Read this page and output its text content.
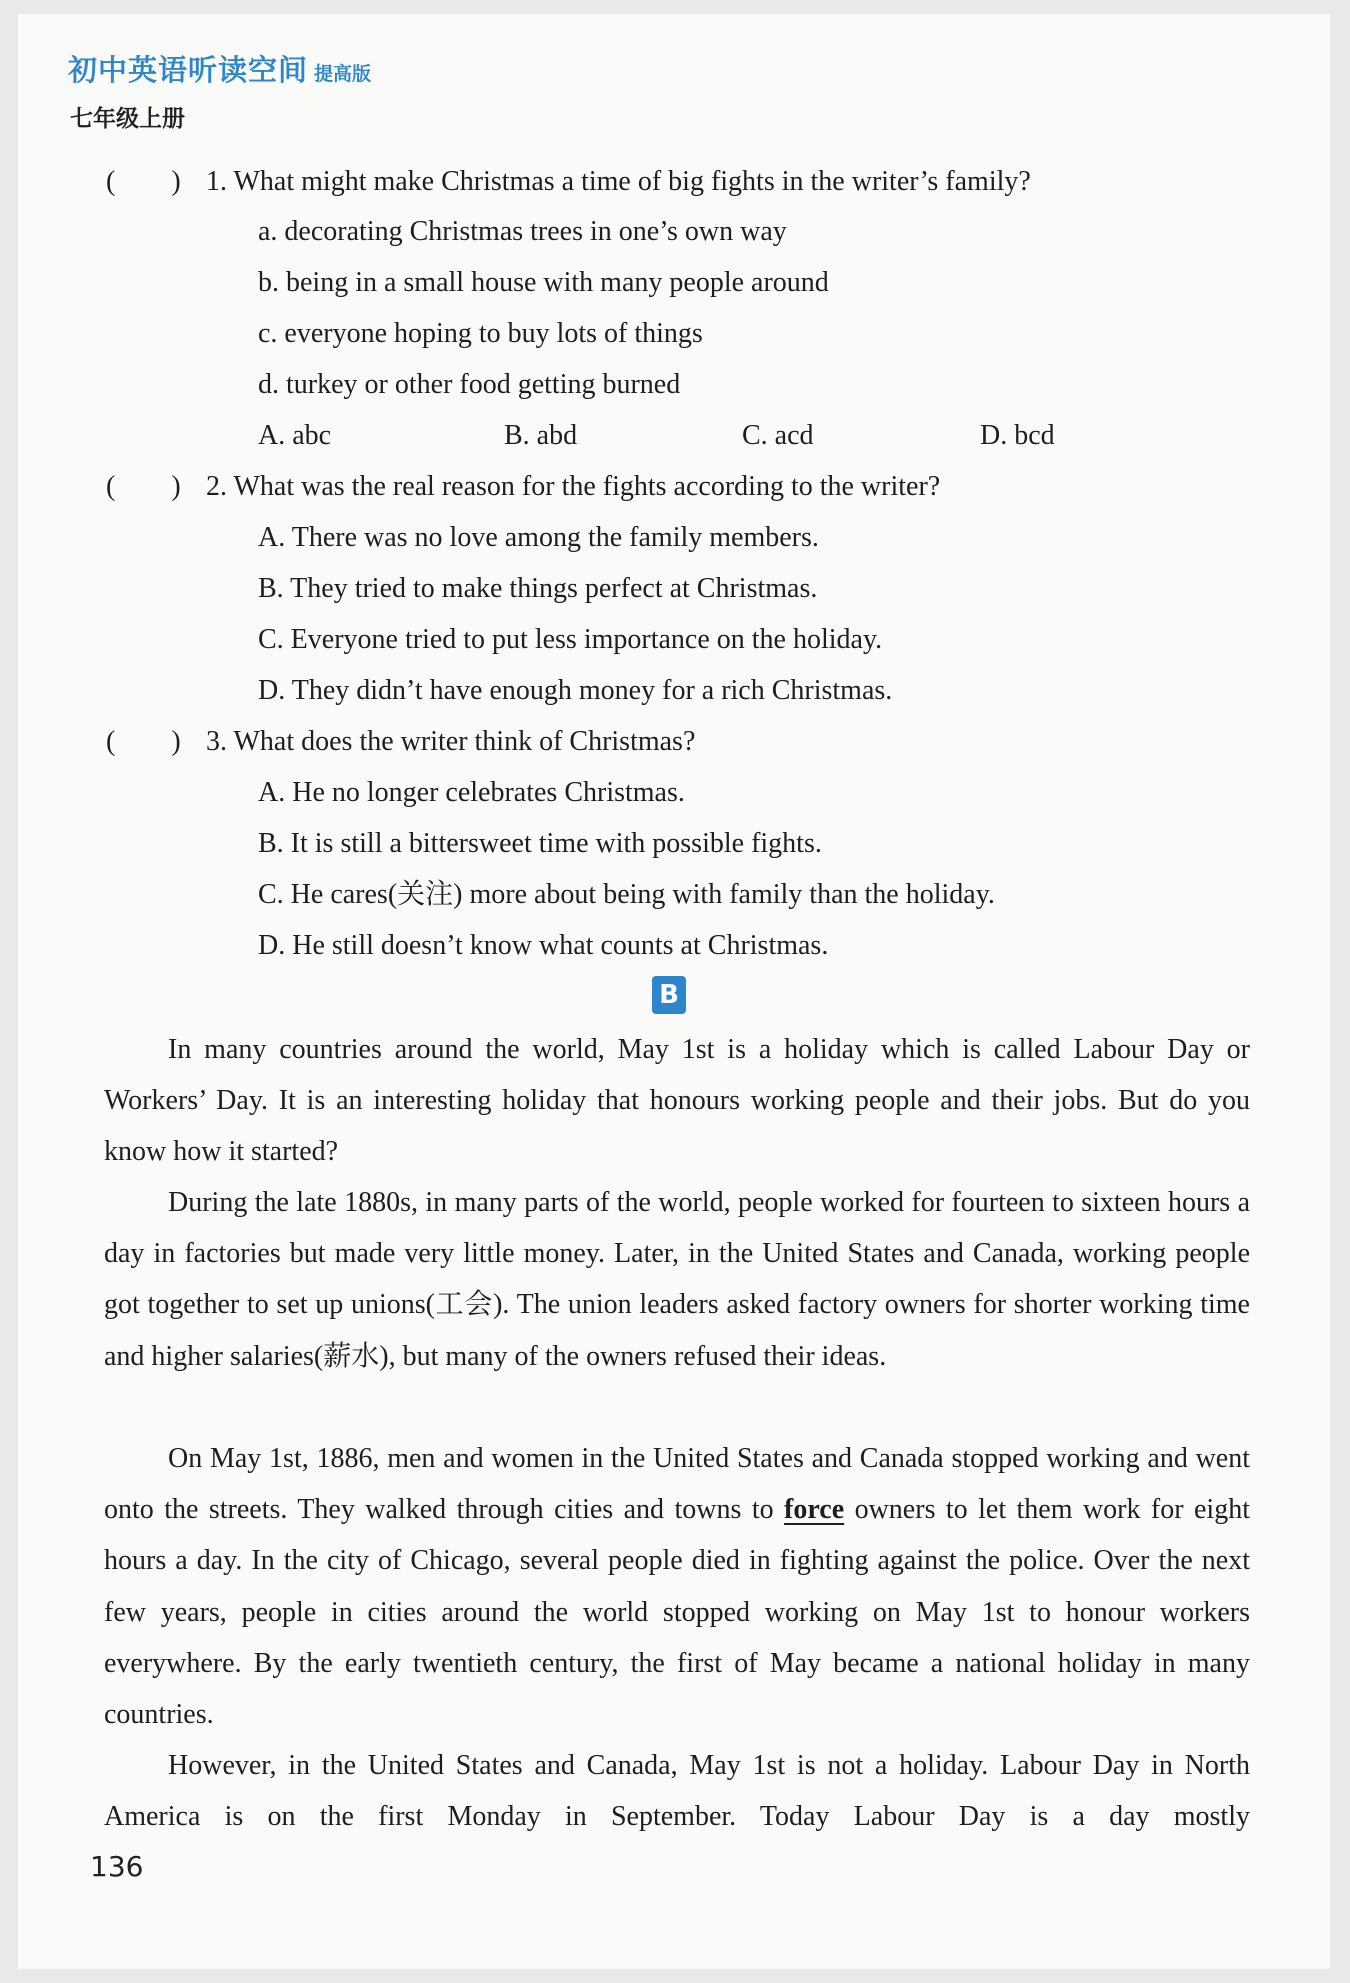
初中英语听读空间 提高版
七年级上册
(　　) 1. What might make Christmas a time of big fights in the writer’s family?
a. decorating Christmas trees in one’s own way
b. being in a small house with many people around
c. everyone hoping to buy lots of things
d. turkey or other food getting burned
A. abc	B. abd	C. acd	D. bcd
(　　) 2. What was the real reason for the fights according to the writer?
A. There was no love among the family members.
B. They tried to make things perfect at Christmas.
C. Everyone tried to put less importance on the holiday.
D. They didn’t have enough money for a rich Christmas.
(　　) 3. What does the writer think of Christmas?
A. He no longer celebrates Christmas.
B. It is still a bittersweet time with possible fights.
C. He cares(关注) more about being with family than the holiday.
D. He still doesn’t know what counts at Christmas.
B
In many countries around the world, May 1st is a holiday which is called Labour Day or Workers’ Day. It is an interesting holiday that honours working people and their jobs. But do you know how it started?
During the late 1880s, in many parts of the world, people worked for fourteen to sixteen hours a day in factories but made very little money. Later, in the United States and Canada, working people got together to set up unions(工会). The union leaders asked factory owners for shorter working time and higher salaries(薪水), but many of the owners refused their ideas.
On May 1st, 1886, men and women in the United States and Canada stopped working and went onto the streets. They walked through cities and towns to force owners to let them work for eight hours a day. In the city of Chicago, several people died in fighting against the police. Over the next few years, people in cities around the world stopped working on May 1st to honour workers everywhere. By the early twentieth century, the first of May became a national holiday in many countries.
However, in the United States and Canada, May 1st is not a holiday. Labour Day in North America is on the first Monday in September. Today Labour Day is a day mostly
136
